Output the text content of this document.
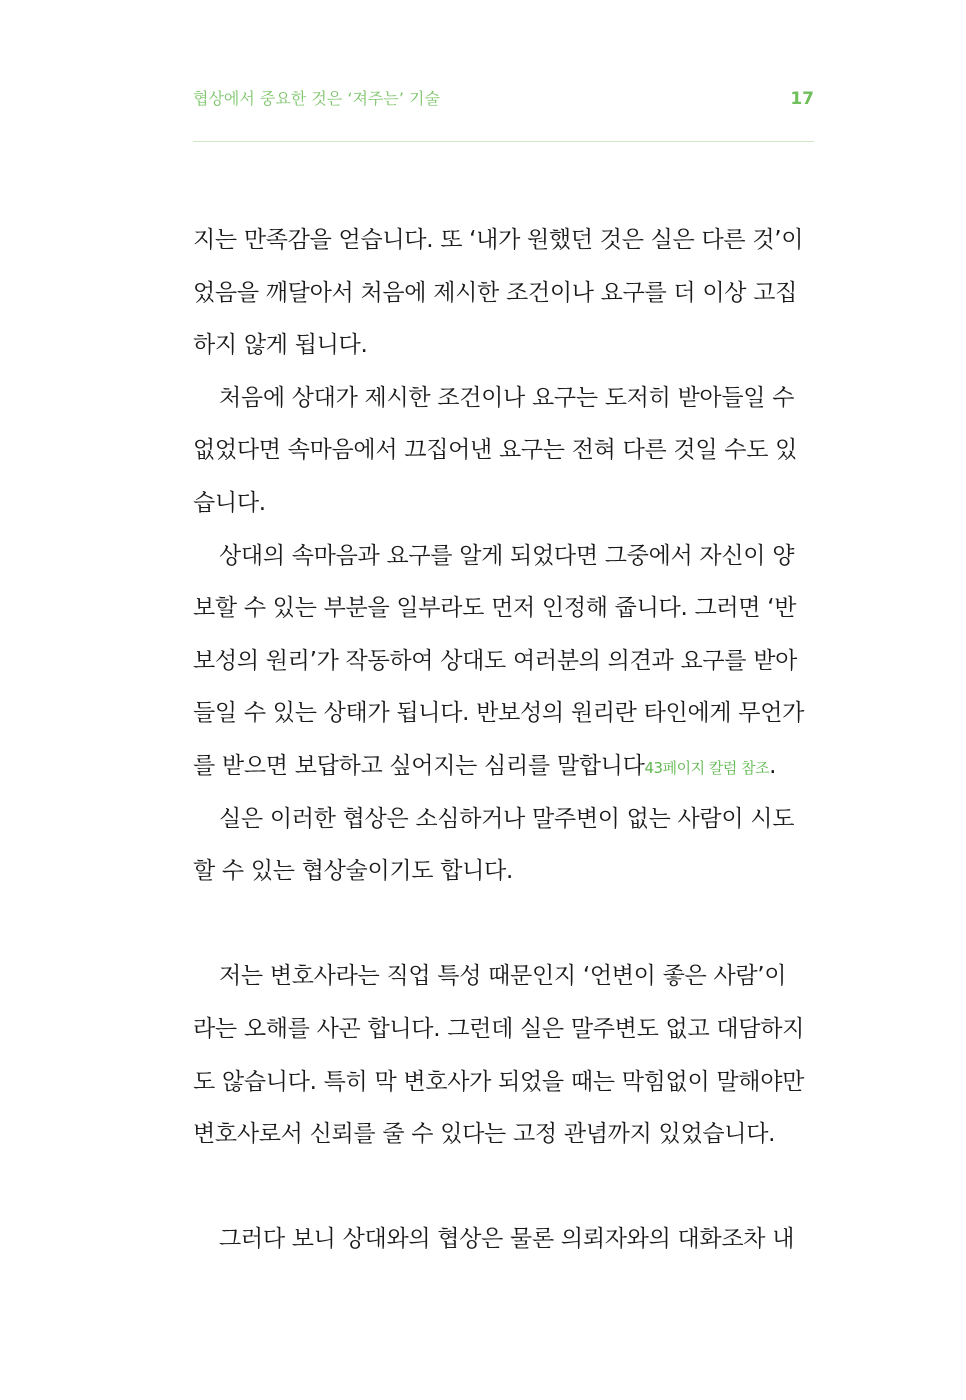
협상에서 중요한 것은 ‘져주는’ 기술	17
지는 만족감을 얻습니다. 또 ‘내가 원했던 것은 실은 다른 것’이
었음을 깨달아서 처음에 제시한 조건이나 요구를 더 이상 고집
하지 않게 됩니다.
처음에 상대가 제시한 조건이나 요구는 도저히 받아들일 수
없었다면 속마음에서 끄집어낸 요구는 전혀 다른 것일 수도 있
습니다.
상대의 속마음과 요구를 알게 되었다면 그중에서 자신이 양
보할 수 있는 부분을 일부라도 먼저 인정해 줍니다. 그러면 ‘반
보성의 원리’가 작동하여 상대도 여러분의 의견과 요구를 받아
들일 수 있는 상태가 됩니다. 반보성의 원리란 타인에게 무언가
를 받으면 보답하고 싶어지는 심리를 말합니다43페이지 칼럼 참조.
실은 이러한 협상은 소심하거나 말주변이 없는 사람이 시도
할 수 있는 협상술이기도 합니다.
저는 변호사라는 직업 특성 때문인지 ‘언변이 좋은 사람’이
라는 오해를 사곤 합니다. 그런데 실은 말주변도 없고 대담하지
도 않습니다. 특히 막 변호사가 되었을 때는 막힘없이 말해야만
변호사로서 신뢰를 줄 수 있다는 고정 관념까지 있었습니다.
그러다 보니 상대와의 협상은 물론 의뢰자와의 대화조차 내
